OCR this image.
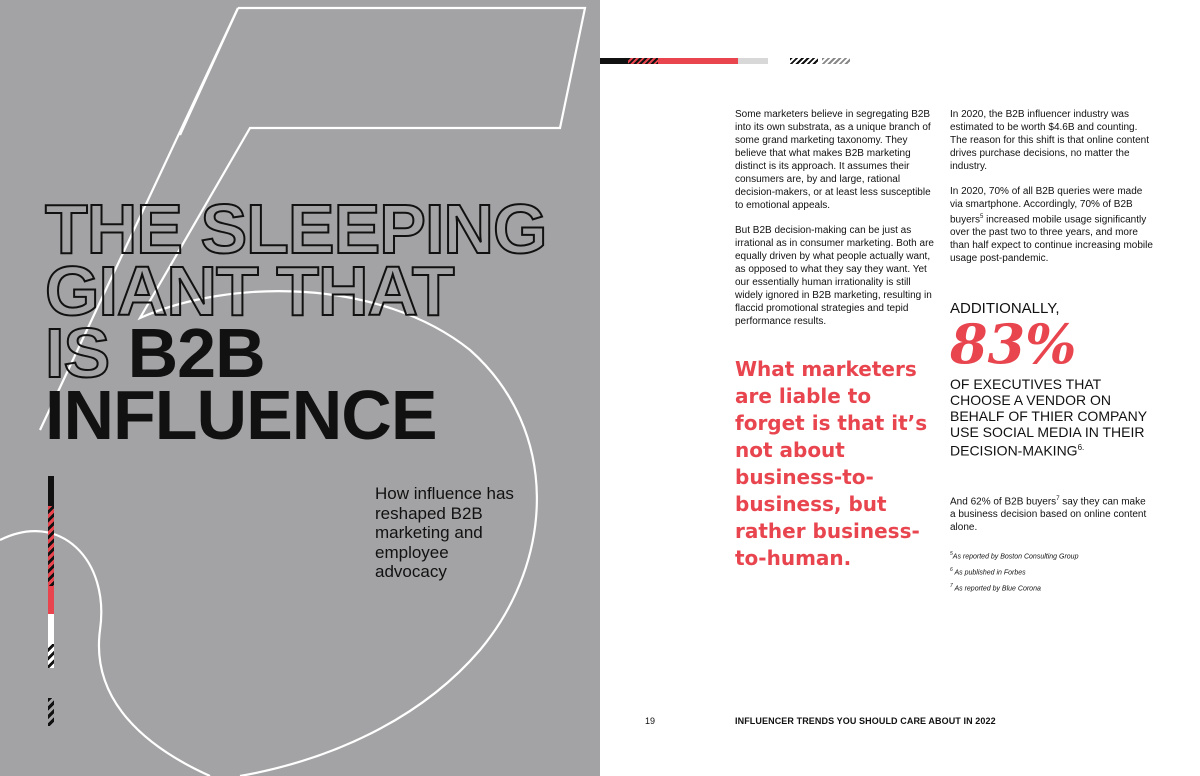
THE SLEEPING
GIANT THAT
IS B2B
INFLUENCE

How influence has reshaped B2B marketing and employee advocacy

Some marketers believe in segregating B2B into its own substrata, as a unique branch of some grand marketing taxonomy. They believe that what makes B2B marketing distinct is its approach. It assumes their consumers are, by and large, rational decision-makers, or at least less susceptible to emotional appeals.

But B2B decision-making can be just as irrational as in consumer marketing. Both are equally driven by what people actually want, as opposed to what they say they want. Yet our essentially human irrationality is still widely ignored in B2B marketing, resulting in flaccid promotional strategies and tepid performance results.

What marketers are liable to forget is that it’s not about business-to-business, but rather business-to-human.

In 2020, the B2B influencer industry was estimated to be worth $4.6B and counting. The reason for this shift is that online content drives purchase decisions, no matter the industry.

In 2020, 70% of all B2B queries were made via smartphone. Accordingly, 70% of B2B buyers$^5$ increased mobile usage significantly over the past two to three years, and more than half expect to continue increasing mobile usage post-pandemic.

ADDITIONALLY,
83%
OF EXECUTIVES THAT CHOOSE A VENDOR ON BEHALF OF THIER COMPANY USE SOCIAL MEDIA IN THEIR DECISION-$MAKING^{6.}$
And 62% of B2B buyers$^7$ say they can make a business decision based on online content alone.
$^5$As reported by Boston Consulting Group
$^6$ As published in Forbes
$^7$ As reported by Blue Corona
19	INFLUENCER TRENDS YOU SHOULD CARE ABOUT IN 2022
